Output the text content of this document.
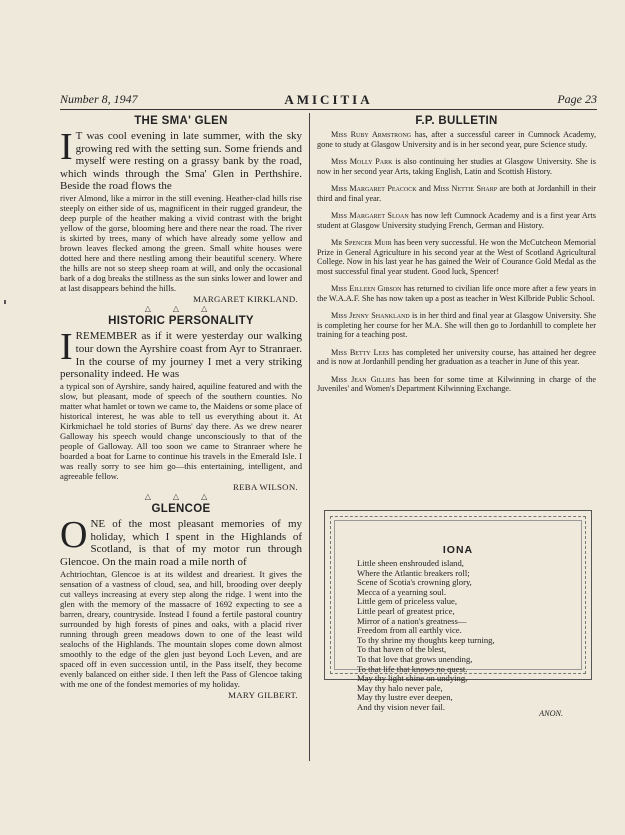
Number 8, 1947	AMICITIA	Page 23
THE SMA' GLEN

I T was cool evening in late summer, with the sky growing red with the setting sun. Some friends and myself were resting on a grassy bank by the road, which winds through the Sma' Glen in Perthshire. Beside the road flows the

river Almond, like a mirror in the still evening. Heather-clad hills rise steeply on either side of us, magnificent in their rugged grandeur, the deep purple of the heather making a vivid contrast with the bright yellow of the gorse, blooming here and there near the road. The river is skirted by trees, many of which have already some yellow and brown leaves flecked among the green. Small white houses were dotted here and there nestling among their beautiful scenery. Where the hills are not so steep sheep roam at will, and only the occasional bark of a dog breaks the stillness as the sun sinks lower and lower and at last disappears behind the hills.

MARGARET KIRKLAND.
△ △ △
HISTORIC PERSONALITY

IREMEMBER as if it were yesterday our walking tour down the Ayrshire coast from Ayr to Stranraer. In the course of my journey I met a very striking personality indeed. He was

a typical son of Ayrshire, sandy haired, aquiline featured and with the slow, but pleasant, mode of speech of the southern counties. No matter what hamlet or town we came to, the Maidens or some place of historical interest, he was able to tell us everything about it. At Kirkmichael he told stories of Burns' day there. As we drew nearer Galloway his speech would change unconsciously to that of the people of Galloway. All too soon we came to Stranraer where he boarded a boat for Larne to continue his travels in the Emerald Isle. I was really sorry to see him go—this entertaining, intelligent, and agreeable fellow.

REBA WILSON.
△ △ △
GLENCOE

ONE of the most pleasant memories of my holiday, which I spent in the Highlands of Scotland, is that of my motor run through Glencoe. On the main road a mile north of

Achtriochtan, Glencoe is at its wildest and dreariest. It gives the sensation of a vastness of cloud, sea, and hill, brooding over deeply cut valleys increasing at every step along the ridge. I went into the glen with the memory of the massacre of 1692 expecting to see a barren, dreary, countryside. Instead I found a fertile pastoral country surrounded by high forests of pines and oaks, with a placid river running through green meadows down to one of the least wild sealochs of the Highlands. The mountain slopes come down almost smoothly to the edge of the glen just beyond Loch Leven, and are spaced off in even succession until, in the Pass itself, they become evenly balanced on either side. I then left the Pass of Glencoe taking with me one of the fondest memories of my holiday.

MARY GILBERT.
F.P. BULLETIN

Miss Ruby Armstrong has, after a successful career in Cumnock Academy, gone to study at Glasgow University and is in her second year, pure Science study.

Miss Molly Park is also continuing her studies at Glasgow University. She is now in her second year Arts, taking English, Latin and Scottish History.

Miss Margaret Peacock and Miss Nettie Sharp are both at Jordanhill in their third and final year.

Miss Margaret Sloan has now left Cumnock Academy and is a first year Arts student at Glasgow University studying French, German and History.

Mr Spencer Muir has been very successful. He won the McCutcheon Memorial Prize in General Agriculture in his second year at the West of Scotland Agricultural College. Now in his last year he has gained the Weir of Courance Gold Medal as the most successful final year student. Good luck, Spencer!

Miss Eilleen Gibson has returned to civilian life once more after a few years in the W.A.A.F. She has now taken up a post as teacher in West Kilbride Public School.

Miss Jenny Shankland is in her third and final year at Glasgow University. She is completing her course for her M.A. She will then go to Jordanhill to complete her training for a teaching post.

Miss Betty Lees has completed her university course, has attained her degree and is now at Jordanhill pending her graduation as a teacher in June of this year.

Miss Jean Gillies has been for some time at Kilwinning in charge of the Juveniles' and Women's Department Kilwinning Exchange.

IONA
Little sheen enshrouded island,
Where the Atlantic breakers roll;
Scene of Scotia's crowning glory,
Mecca of a yearning soul.
Little gem of priceless value,
Little pearl of greatest price,
Mirror of a nation's greatness—
Freedom from all earthly vice.
To thy shrine my thoughts keep turning,
To that haven of the blest,
To that love that grows unending,
To that life that knows no quest.
May thy light shine on undying,
May thy halo never pale,
May thy lustre ever deepen,
And thy vision never fail.
ANON.
